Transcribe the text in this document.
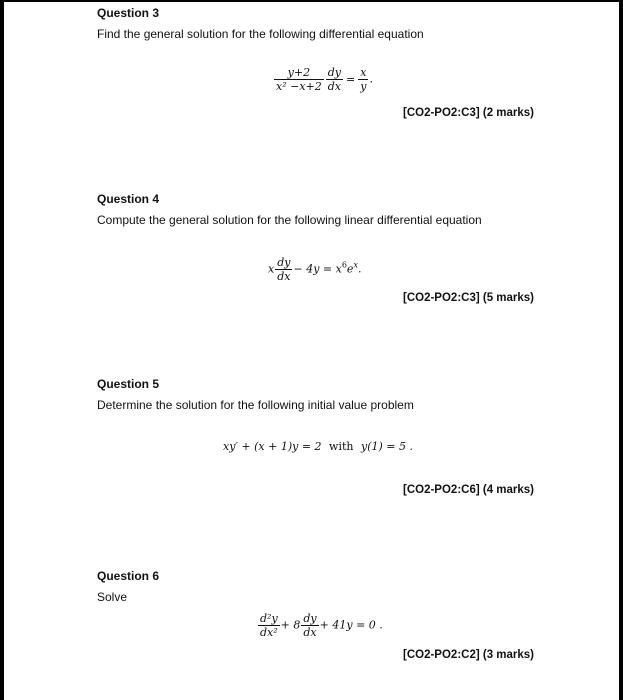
Question 3
Find the general solution for the following differential equation
$\frac{y+2}{\text{x² −x+2}} \frac{dy}{dx} = \frac{x}{y}$ .
[CO2-PO2:C3] (2 marks)
Question 4
Compute the general solution for the following linear differential equation
x $\frac{dy}{dx} - 4y = x^6e^x$.
[CO2-PO2:C3] (5 marks)
Question 5
Determine the solution for the following initial value problem
xy′ + (x + 1)y = 2 with y(1) = 5 .
[CO2-PO2:C6] (4 marks)
Question 6
Solve
$\frac{\text{d²y}}{\text{dx²}} + 8 \frac{dy}{dx} + 41y = 0$ .
[CO2-PO2:C2] (3 marks)
